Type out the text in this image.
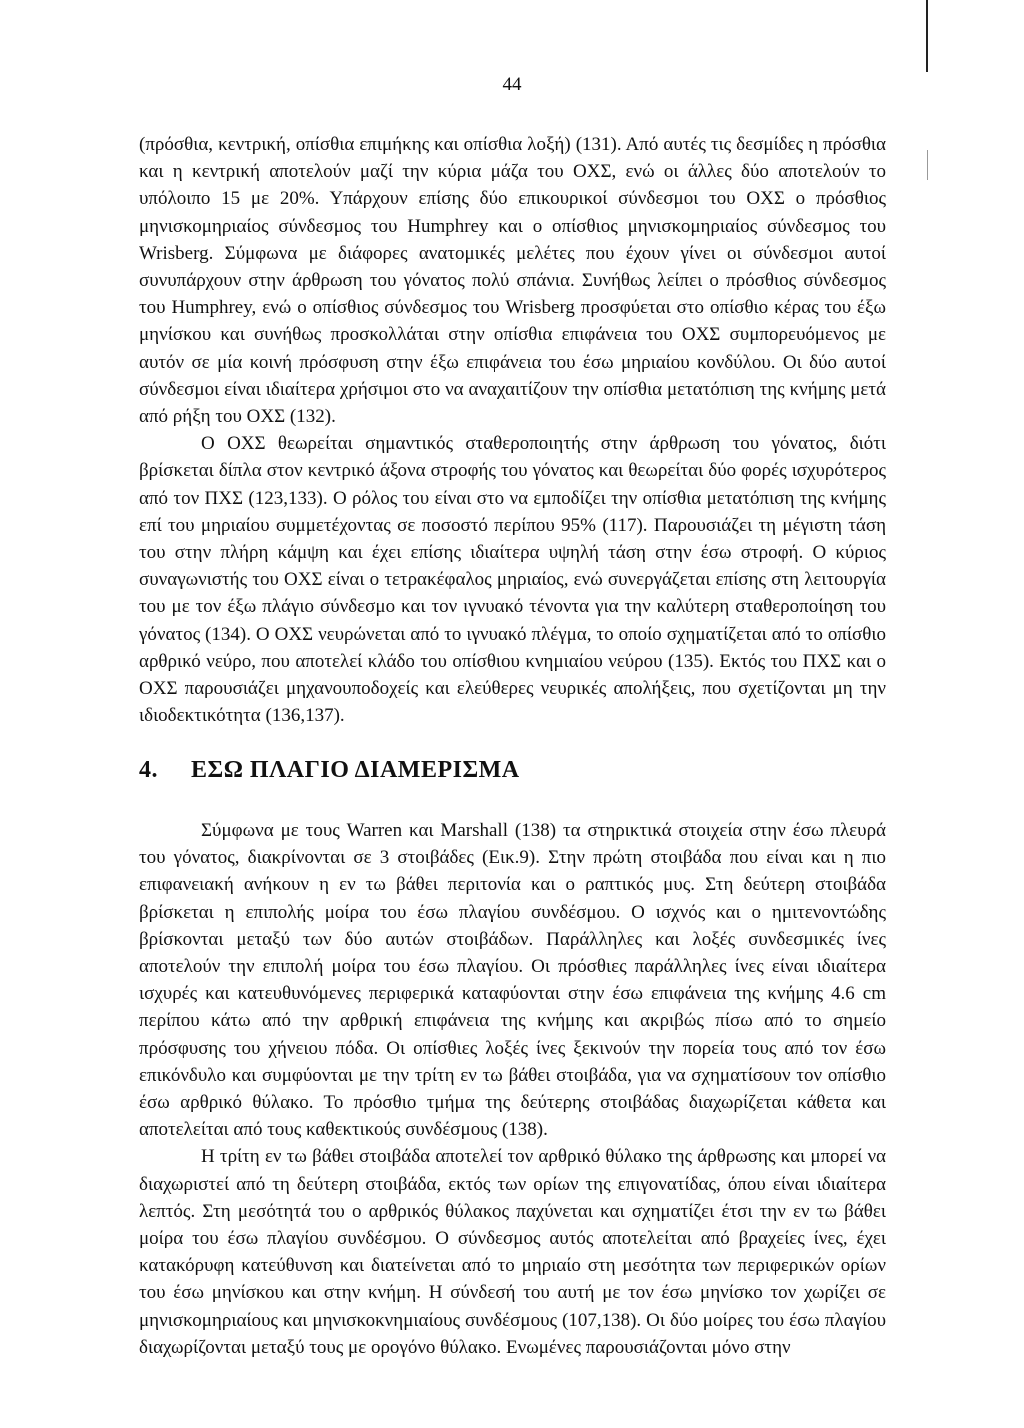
44

(πρόσθια, κεντρική, οπίσθια επιμήκης και οπίσθια λοξή) (131). Από αυτές τις δεσμίδες η πρόσθια και η κεντρική αποτελούν μαζί την κύρια μάζα του ΟΧΣ, ενώ οι άλλες δύο αποτελούν το υπόλοιπο 15 με 20%. Υπάρχουν επίσης δύο επικουρικοί σύνδεσμοι του ΟΧΣ ο πρόσθιος μηνισκομηριαίος σύνδεσμος του Humphrey και ο οπίσθιος μηνισκομηριαίος σύνδεσμος του Wrisberg. Σύμφωνα με διάφορες ανατομικές μελέτες που έχουν γίνει οι σύνδεσμοι αυτοί συνυπάρχουν στην άρθρωση του γόνατος πολύ σπάνια. Συνήθως λείπει ο πρόσθιος σύνδεσμος του Humphrey, ενώ ο οπίσθιος σύνδεσμος του Wrisberg προσφύεται στο οπίσθιο κέρας του έξω μηνίσκου και συνήθως προσκολλάται στην οπίσθια επιφάνεια του ΟΧΣ συμπορευόμενος με αυτόν σε μία κοινή πρόσφυση στην έξω επιφάνεια του έσω μηριαίου κονδύλου. Οι δύο αυτοί σύνδεσμοι είναι ιδιαίτερα χρήσιμοι στο να αναχαιτίζουν την οπίσθια μετατόπιση της κνήμης μετά από ρήξη του ΟΧΣ (132).

Ο ΟΧΣ θεωρείται σημαντικός σταθεροποιητής στην άρθρωση του γόνατος, διότι βρίσκεται δίπλα στον κεντρικό άξονα στροφής του γόνατος και θεωρείται δύο φορές ισχυρότερος από τον ΠΧΣ (123,133). Ο ρόλος του είναι στο να εμποδίζει την οπίσθια μετατόπιση της κνήμης επί του μηριαίου συμμετέχοντας σε ποσοστό περίπου 95% (117). Παρουσιάζει τη μέγιστη τάση του στην πλήρη κάμψη και έχει επίσης ιδιαίτερα υψηλή τάση στην έσω στροφή. Ο κύριος συναγωνιστής του ΟΧΣ είναι ο τετρακέφαλος μηριαίος, ενώ συνεργάζεται επίσης στη λειτουργία του με τον έξω πλάγιο σύνδεσμο και τον ιγνυακό τένοντα για την καλύτερη σταθεροποίηση του γόνατος (134). Ο ΟΧΣ νευρώνεται από το ιγνυακό πλέγμα, το οποίο σχηματίζεται από το οπίσθιο αρθρικό νεύρο, που αποτελεί κλάδο του οπίσθιου κνημιαίου νεύρου (135). Εκτός του ΠΧΣ και ο ΟΧΣ παρουσιάζει μηχανουποδοχείς και ελεύθερες νευρικές απολήξεις, που σχετίζονται μη την ιδιοδεκτικότητα (136,137).

4. ΕΣΩ ΠΛΑΓΙΟ ΔΙΑΜΕΡΙΣΜΑ

Σύμφωνα με τους Warren και Marshall (138) τα στηρικτικά στοιχεία στην έσω πλευρά του γόνατος, διακρίνονται σε 3 στοιβάδες (Εικ.9). Στην πρώτη στοιβάδα που είναι και η πιο επιφανειακή ανήκουν η εν τω βάθει περιτονία και ο ραπτικός μυς. Στη δεύτερη στοιβάδα βρίσκεται η επιπολής μοίρα του έσω πλαγίου συνδέσμου. Ο ισχνός και ο ημιτενοντώδης βρίσκονται μεταξύ των δύο αυτών στοιβάδων. Παράλληλες και λοξές συνδεσμικές ίνες αποτελούν την επιπολή μοίρα του έσω πλαγίου. Οι πρόσθιες παράλληλες ίνες είναι ιδιαίτερα ισχυρές και κατευθυνόμενες περιφερικά καταφύονται στην έσω επιφάνεια της κνήμης 4.6 cm περίπου κάτω από την αρθρική επιφάνεια της κνήμης και ακριβώς πίσω από το σημείο πρόσφυσης του χήνειου πόδα. Οι οπίσθιες λοξές ίνες ξεκινούν την πορεία τους από τον έσω επικόνδυλο και συμφύονται με την τρίτη εν τω βάθει στοιβάδα, για να σχηματίσουν τον οπίσθιο έσω αρθρικό θύλακο. Το πρόσθιο τμήμα της δεύτερης στοιβάδας διαχωρίζεται κάθετα και αποτελείται από τους καθεκτικούς συνδέσμους (138).

Η τρίτη εν τω βάθει στοιβάδα αποτελεί τον αρθρικό θύλακο της άρθρωσης και μπορεί να διαχωριστεί από τη δεύτερη στοιβάδα, εκτός των ορίων της επιγονατίδας, όπου είναι ιδιαίτερα λεπτός. Στη μεσότητά του ο αρθρικός θύλακος παχύνεται και σχηματίζει έτσι την εν τω βάθει μοίρα του έσω πλαγίου συνδέσμου. Ο σύνδεσμος αυτός αποτελείται από βραχείες ίνες, έχει κατακόρυφη κατεύθυνση και διατείνεται από το μηριαίο στη μεσότητα των περιφερικών ορίων του έσω μηνίσκου και στην κνήμη. Η σύνδεσή του αυτή με τον έσω μηνίσκο τον χωρίζει σε μηνισκομηριαίους και μηνισκοκνημιαίους συνδέσμους (107,138). Οι δύο μοίρες του έσω πλαγίου διαχωρίζονται μεταξύ τους με ορογόνο θύλακο. Ενωμένες παρουσιάζονται μόνο στην
